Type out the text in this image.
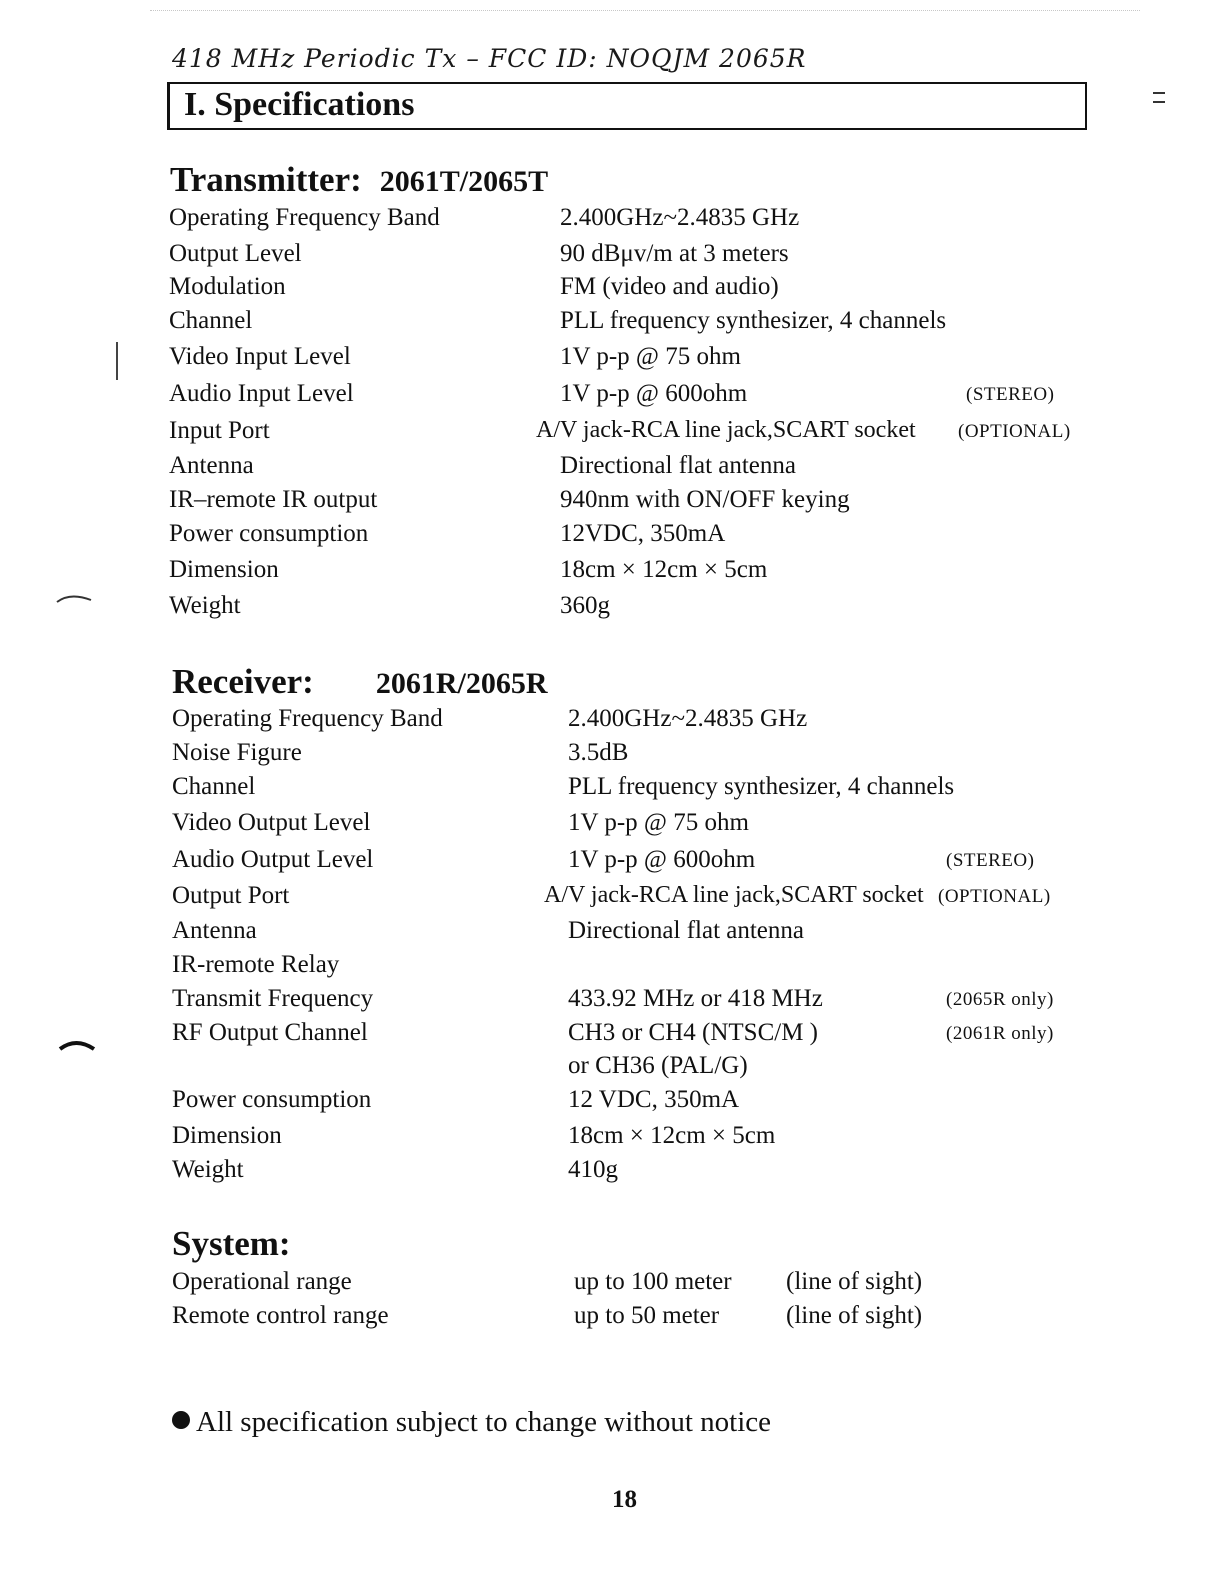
418 MHz Periodic Tx – FCC ID: NOQJM 2065R
I. Specifications
Transmitter: 2061T/2065T
Operating Frequency Band	2.400GHz~2.4835 GHz
Output Level	90 dBμv/m at 3 meters
Modulation	FM (video and audio)
Channel	PLL frequency synthesizer, 4 channels
Video Input Level	1V p-p @ 75 ohm
Audio Input Level	1V p-p @ 600ohm	(STEREO)
Input Port	A/V jack-RCA line jack,SCART socket (OPTIONAL)
Antenna	Directional flat antenna
IR–remote IR output	940nm with ON/OFF keying
Power consumption	12VDC, 350mA
Dimension	18cm × 12cm × 5cm
Weight	360g
Receiver: 2061R/2065R
Operating Frequency Band	2.400GHz~2.4835 GHz
Noise Figure	3.5dB
Channel	PLL frequency synthesizer, 4 channels
Video Output Level	1V p-p @ 75 ohm
Audio Output Level	1V p-p @ 600ohm	(STEREO)
Output Port	A/V jack-RCA line jack,SCART socket (OPTIONAL)
Antenna	Directional flat antenna
IR-remote Relay
Transmit Frequency	433.92 MHz or 418 MHz	(2065R only)
RF Output Channel	CH3 or CH4 (NTSC/M )	(2061R only)
or CH36 (PAL/G)
Power consumption	12 VDC, 350mA
Dimension	18cm × 12cm × 5cm
Weight	410g
System:
Operational range	up to 100 meter (line of sight)
Remote control range	up to 50 meter	(line of sight)
All specification subject to change without notice
18
